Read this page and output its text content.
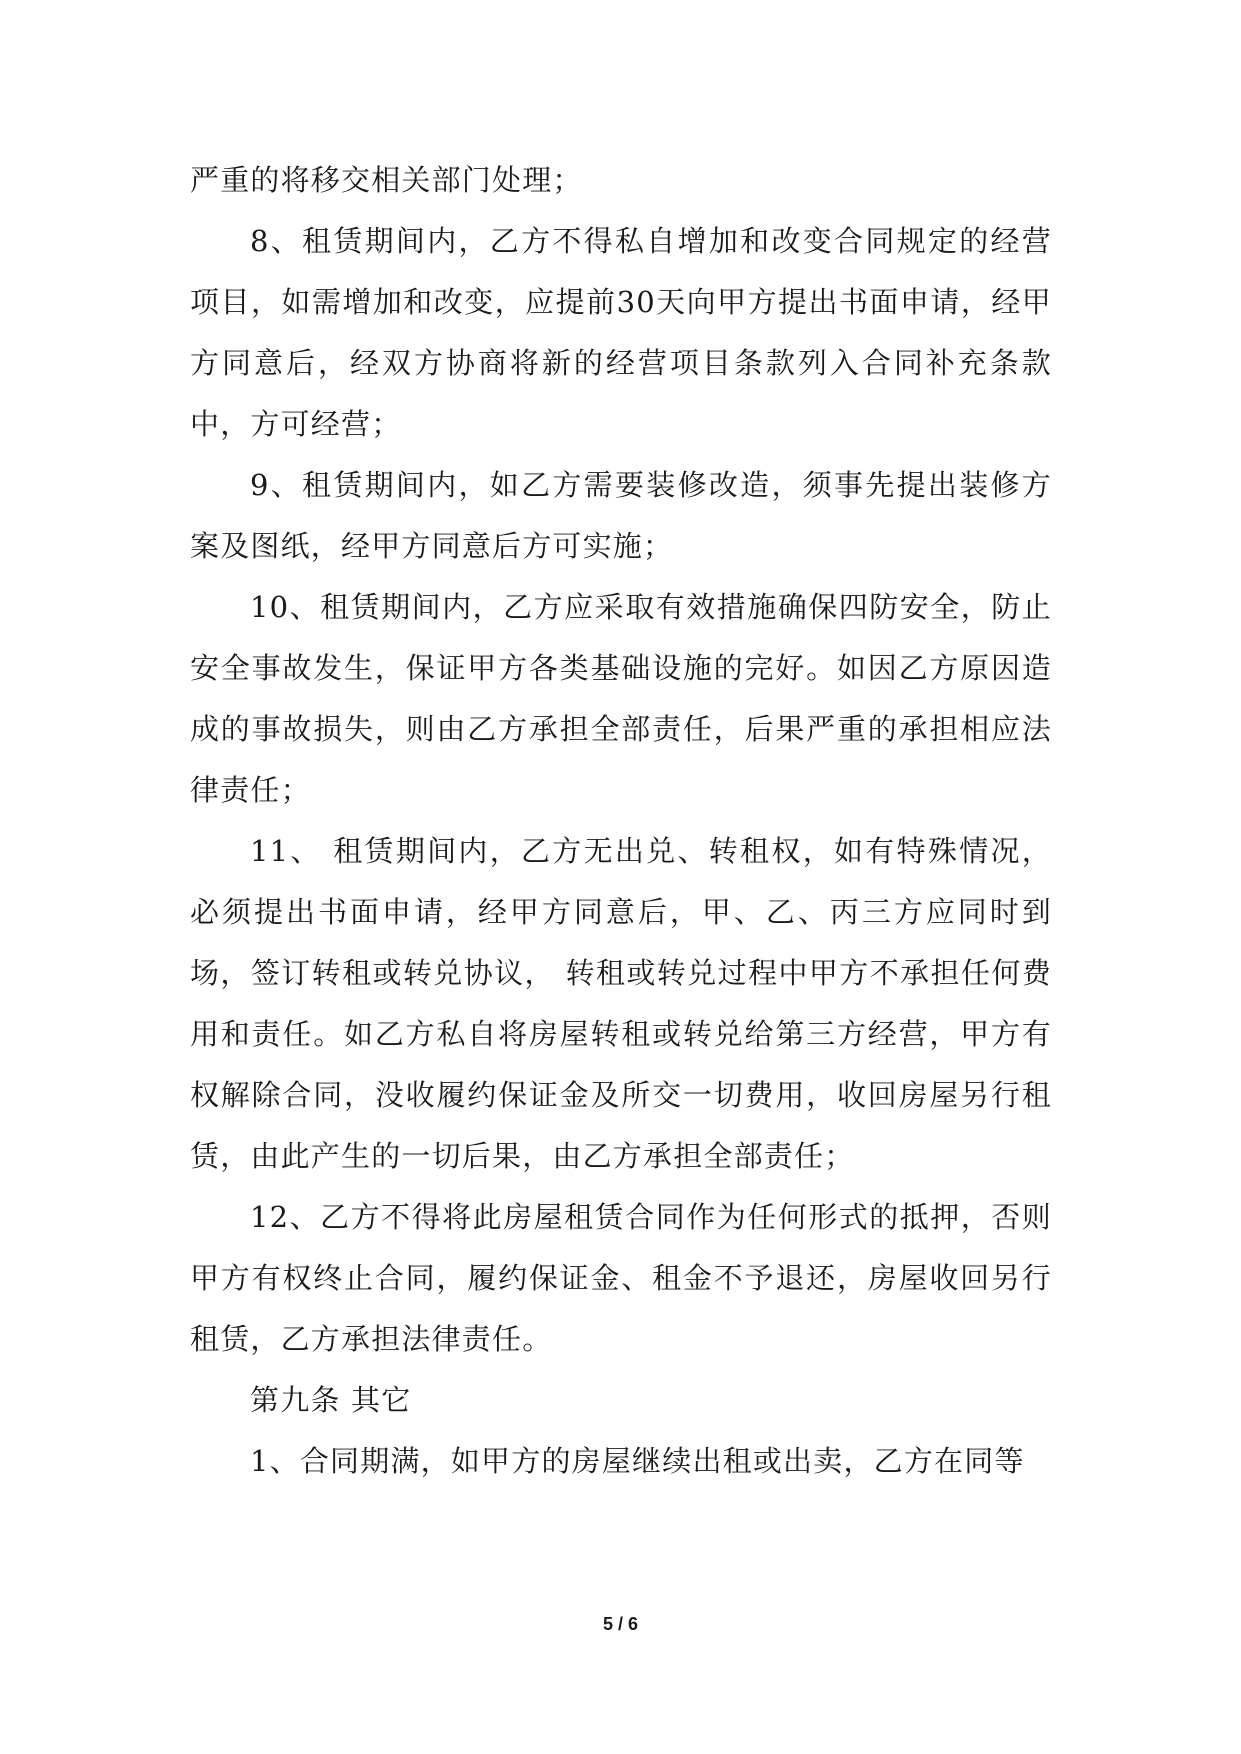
严重的将移交相关部门处理；

8、租赁期间内，乙方不得私自增加和改变合同规定的经营项目，如需增加和改变，应提前30天向甲方提出书面申请，经甲方同意后，经双方协商将新的经营项目条款列入合同补充条款中，方可经营；

9、租赁期间内，如乙方需要装修改造，须事先提出装修方案及图纸，经甲方同意后方可实施；

10、租赁期间内，乙方应采取有效措施确保四防安全，防止安全事故发生，保证甲方各类基础设施的完好。如因乙方原因造成的事故损失，则由乙方承担全部责任，后果严重的承担相应法律责任；

11、 租赁期间内，乙方无出兑、转租权，如有特殊情况，必须提出书面申请，经甲方同意后，甲、乙、丙三方应同时到场，签订转租或转兑协议， 转租或转兑过程中甲方不承担任何费用和责任。如乙方私自将房屋转租或转兑给第三方经营，甲方有权解除合同，没收履约保证金及所交一切费用，收回房屋另行租赁，由此产生的一切后果，由乙方承担全部责任；

12、乙方不得将此房屋租赁合同作为任何形式的抵押，否则甲方有权终止合同，履约保证金、租金不予退还，房屋收回另行租赁，乙方承担法律责任。

第九条 其它

1、合同期满，如甲方的房屋继续出租或出卖，乙方在同等

5 / 6
